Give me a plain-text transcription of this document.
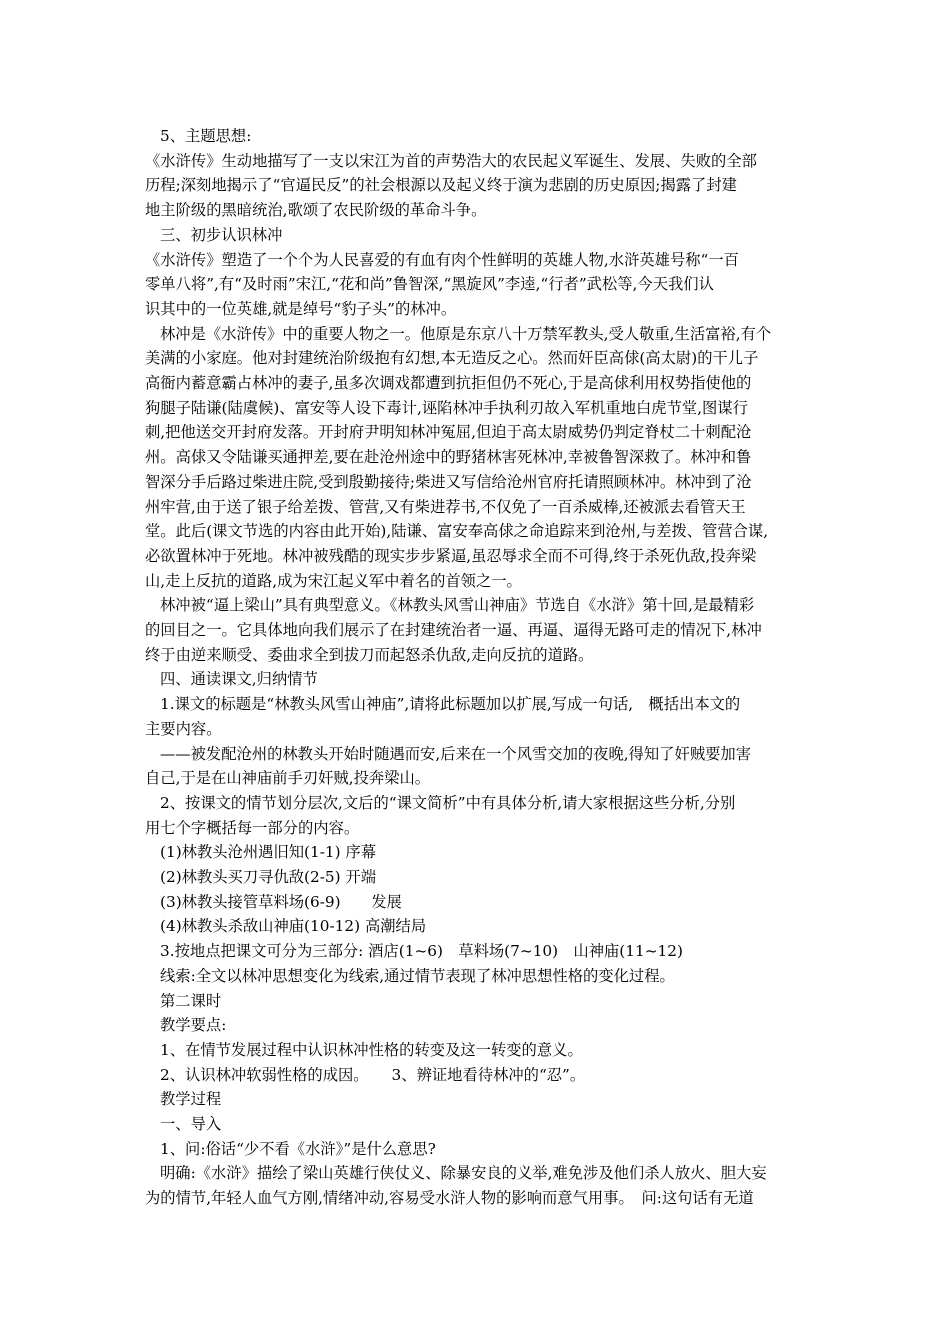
5、主题思想:
《水浒传》生动地描写了一支以宋江为首的声势浩大的农民起义军诞生、发展、失败的全部
历程;深刻地揭示了“官逼民反”的社会根源以及起义终于演为悲剧的历史原因;揭露了封建
地主阶级的黑暗统治,歌颂了农民阶级的革命斗争。
三、初步认识林冲
《水浒传》塑造了一个个为人民喜爱的有血有肉个性鲜明的英雄人物,水浒英雄号称“一百
零单八将”,有“及时雨”宋江,“花和尚”鲁智深,“黑旋风”李逵,“行者”武松等,今天我们认
识其中的一位英雄,就是绰号“豹子头”的林冲。
林冲是《水浒传》中的重要人物之一。他原是东京八十万禁军教头,受人敬重,生活富裕,有个
美满的小家庭。他对封建统治阶级抱有幻想,本无造反之心。然而奸臣高俅(高太尉)的干儿子
高衙内蓄意霸占林冲的妻子,虽多次调戏都遭到抗拒但仍不死心,于是高俅利用权势指使他的
狗腿子陆谦(陆虞候)、富安等人设下毒计,诬陷林冲手执利刃故入军机重地白虎节堂,图谋行
刺,把他送交开封府发落。开封府尹明知林冲冤屈,但迫于高太尉威势仍判定脊杖二十刺配沧
州。高俅又令陆谦买通押差,要在赴沧州途中的野猪林害死林冲,幸被鲁智深救了。林冲和鲁
智深分手后路过柴进庄院,受到殷勤接待;柴进又写信给沧州官府托请照顾林冲。林冲到了沧
州牢营,由于送了银子给差拨、管营,又有柴进荐书,不仅免了一百杀威棒,还被派去看管天王
堂。此后(课文节选的内容由此开始),陆谦、富安奉高俅之命追踪来到沧州,与差拨、管营合谋,
必欲置林冲于死地。林冲被残酷的现实步步紧逼,虽忍辱求全而不可得,终于杀死仇敌,投奔梁
山,走上反抗的道路,成为宋江起义军中着名的首领之一。
林冲被“逼上梁山”具有典型意义。《林教头风雪山神庙》节选自《水浒》第十回,是最精彩
的回目之一。它具体地向我们展示了在封建统治者一逼、再逼、逼得无路可走的情况下,林冲
终于由逆来顺受、委曲求全到拔刀而起怒杀仇敌,走向反抗的道路。
四、通读课文,归纳情节
1.课文的标题是“林教头风雪山神庙”,请将此标题加以扩展,写成一句话,　概括出本文的
主要内容。
——被发配沧州的林教头开始时随遇而安,后来在一个风雪交加的夜晚,得知了奸贼要加害
自己,于是在山神庙前手刃奸贼,投奔梁山。
2、按课文的情节划分层次,文后的“课文简析”中有具体分析,请大家根据这些分析,分别
用七个字概括每一部分的内容。
(1)林教头沧州遇旧知(1-1) 序幕
(2)林教头买刀寻仇敌(2-5) 开端
(3)林教头接管草料场(6-9)　　发展
(4)林教头杀敌山神庙(10-12) 高潮结局
3.按地点把课文可分为三部分: 酒店(1~6)　草料场(7~10)　山神庙(11~12)
线索:全文以林冲思想变化为线索,通过情节表现了林冲思想性格的变化过程。
第二课时
教学要点:
1、在情节发展过程中认识林冲性格的转变及这一转变的意义。
2、认识林冲软弱性格的成因。　　3、辨证地看待林冲的“忍”。
教学过程
一、导入
1、问:俗话“少不看《水浒》”是什么意思?
明确:《水浒》描绘了梁山英雄行侠仗义、除暴安良的义举,难免涉及他们杀人放火、胆大妄
为的情节,年轻人血气方刚,情绪冲动,容易受水浒人物的影响而意气用事。　问:这句话有无道
